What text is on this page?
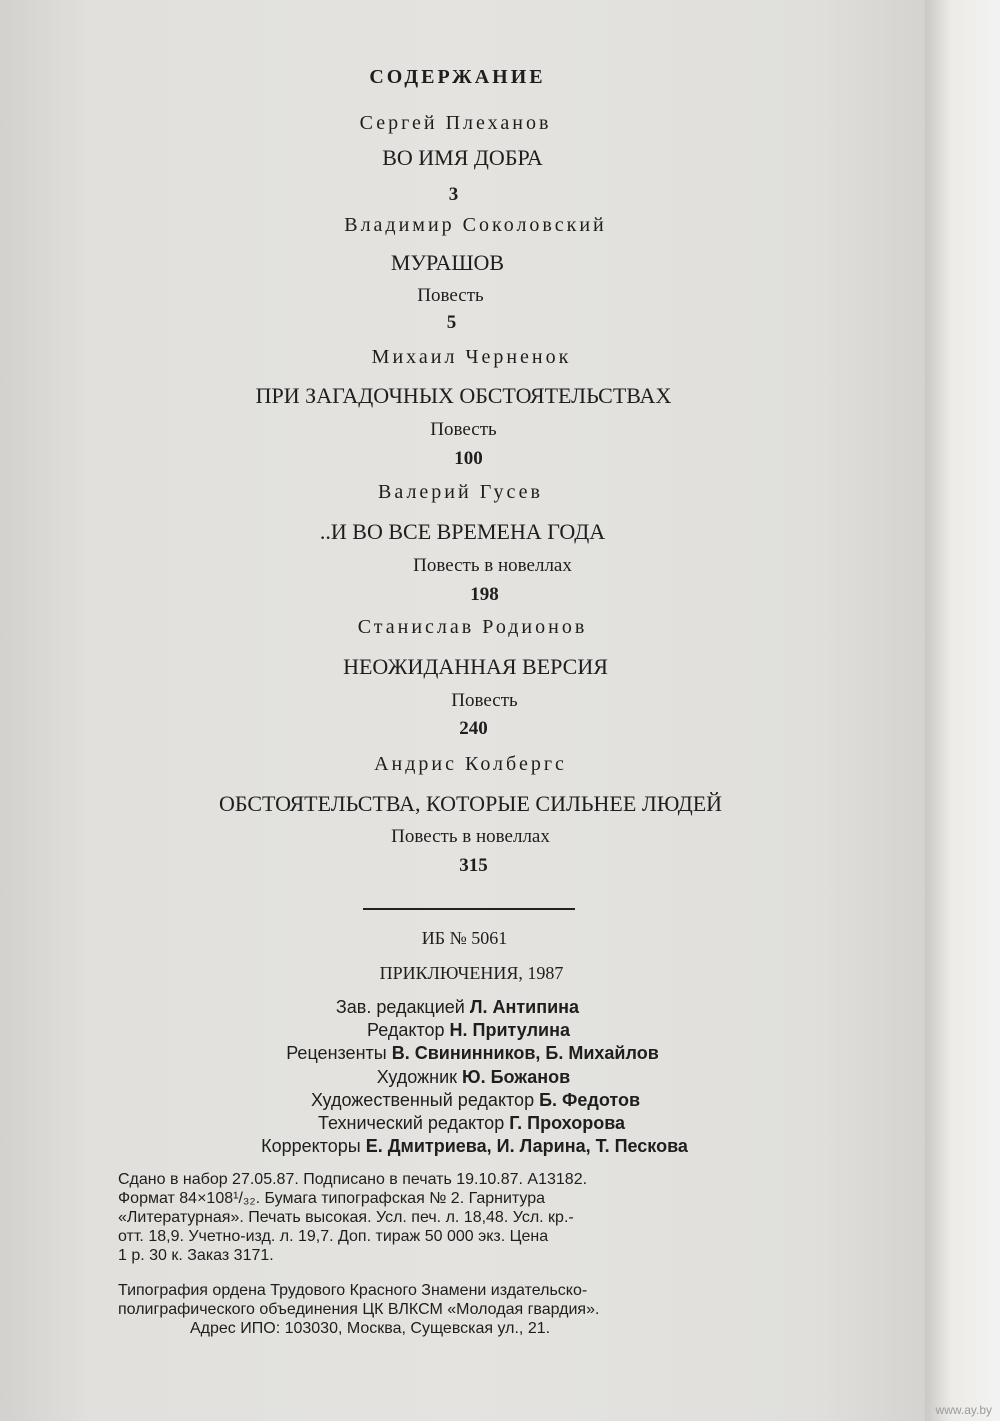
СОДЕРЖАНИЕ
Сергей Плеханов
ВО ИМЯ ДОБРА
3
Владимир Соколовский
МУРАШОВ
Повесть
5
Михаил Черненок
ПРИ ЗАГАДОЧНЫХ ОБСТОЯТЕЛЬСТВАХ
Повесть
100
Валерий Гусев
..И ВО ВСЕ ВРЕМЕНА ГОДА
Повесть в новеллах
198
Станислав Родионов
НЕОЖИДАННАЯ ВЕРСИЯ
Повесть
240
Андрис Колбергс
ОБСТОЯТЕЛЬСТВА, КОТОРЫЕ СИЛЬНЕЕ ЛЮДЕЙ
Повесть в новеллах
315
ИБ № 5061
ПРИКЛЮЧЕНИЯ, 1987
Зав. редакцией Л. Антипина
Редактор Н. Притулина
Рецензенты В. Свининников, Б. Михайлов
Художник Ю. Божанов
Художественный редактор Б. Федотов
Технический редактор Г. Прохорова
Корректоры Е. Дмитриева, И. Ларина, Т. Пескова
Сдано в набор 27.05.87. Подписано в печать 19.10.87. А13182.
Формат 84×108¹/₃₂. Бумага типографская № 2. Гарнитура
«Литературная». Печать высокая. Усл. печ. л. 18,48. Усл. кр.-
отт. 18,9. Учетно-изд. л. 19,7. Доп. тираж 50 000 экз. Цена
1 р. 30 к. Заказ 3171.
Типография ордена Трудового Красного Знамени издательско-
полиграфического объединения ЦК ВЛКСМ «Молодая гвардия».
Адрес ИПО: 103030, Москва, Сущевская ул., 21.
www.ay.by
